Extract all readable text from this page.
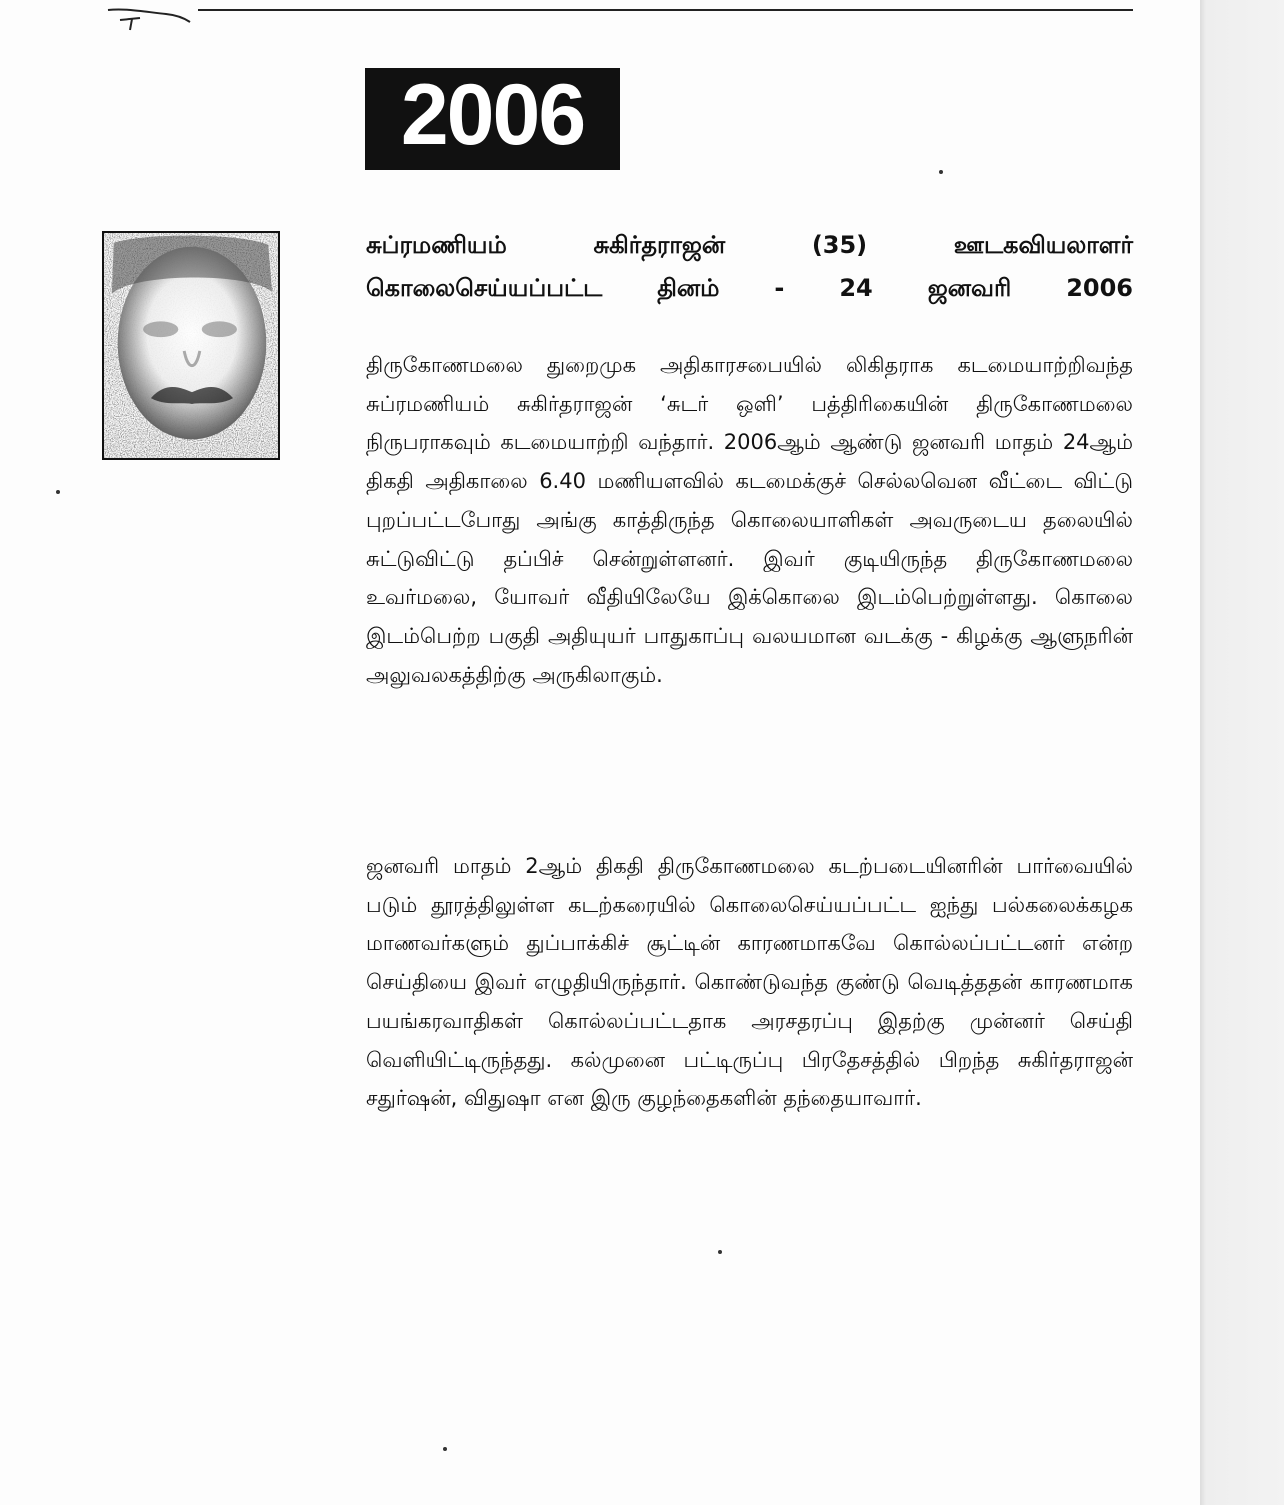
2006
சுப்ரமணியம் சுகிர்தராஜன் (35) ஊடகவியலாளர்
கொலைசெய்யப்பட்ட தினம் - 24 ஜனவரி 2006

திருகோணமலை துறைமுக அதிகாரசபையில் லிகிதராக கடமையாற்றிவந்த சுப்ரமணியம் சுகிர்தராஜன் ‘சுடர் ஒளி’ பத்திரிகையின் திருகோணமலை நிருபராகவும் கடமையாற்றி வந்தார். 2006ஆம் ஆண்டு ஜனவரி மாதம் 24ஆம் திகதி அதிகாலை 6.40 மணியளவில் கடமைக்குச் செல்லவென வீட்டை விட்டு புறப்பட்டபோது அங்கு காத்திருந்த கொலையாளிகள் அவருடைய தலையில் சுட்டுவிட்டு தப்பிச் சென்றுள்ளனர். இவர் குடியிருந்த திருகோணமலை உவர்மலை, யோவர் வீதியிலேயே இக்கொலை இடம்பெற்றுள்ளது. கொலை இடம்பெற்ற பகுதி அதியுயர் பாதுகாப்பு வலயமான வடக்கு - கிழக்கு ஆளுநரின் அலுவலகத்திற்கு அருகிலாகும்.

ஜனவரி மாதம் 2ஆம் திகதி திருகோணமலை கடற்படையினரின் பார்வையில் படும் தூரத்திலுள்ள கடற்கரையில் கொலைசெய்யப்பட்ட ஐந்து பல்கலைக்கழக மாணவர்களும் துப்பாக்கிச் சூட்டின் காரணமாகவே கொல்லப்பட்டனர் என்ற செய்தியை இவர் எழுதியிருந்தார். கொண்டுவந்த குண்டு வெடித்ததன் காரணமாக பயங்கரவாதிகள் கொல்லப்பட்டதாக அரசதரப்பு இதற்கு முன்னர் செய்தி வெளியிட்டிருந்தது. கல்முனை பட்டிருப்பு பிரதேசத்தில் பிறந்த சுகிர்தராஜன் சதுர்ஷன், விதுஷா என இரு குழந்தைகளின் தந்தையாவார்.
